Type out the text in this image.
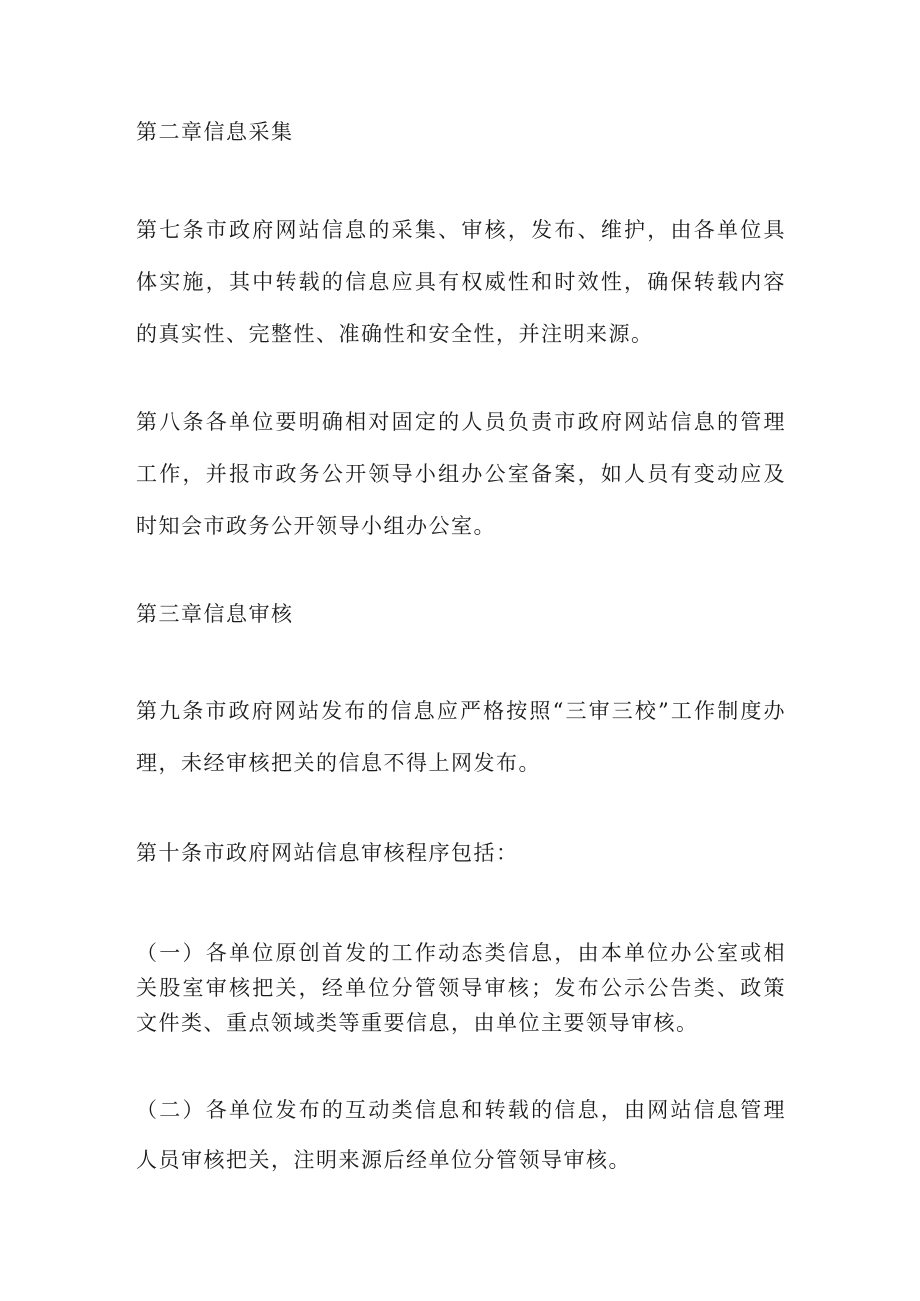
第二章信息采集

第七条市政府网站信息的采集、审核，发布、维护，由各单位具体实施，其中转载的信息应具有权威性和时效性，确保转载内容的真实性、完整性、准确性和安全性，并注明来源。

第八条各单位要明确相对固定的人员负责市政府网站信息的管理工作，并报市政务公开领导小组办公室备案，如人员有变动应及时知会市政务公开领导小组办公室。

第三章信息审核

第九条市政府网站发布的信息应严格按照“三审三校”工作制度办理，未经审核把关的信息不得上网发布。

第十条市政府网站信息审核程序包括：

（一）各单位原创首发的工作动态类信息，由本单位办公室或相关股室审核把关，经单位分管领导审核；发布公示公告类、政策文件类、重点领域类等重要信息，由单位主要领导审核。

（二）各单位发布的互动类信息和转载的信息，由网站信息管理人员审核把关，注明来源后经单位分管领导审核。
